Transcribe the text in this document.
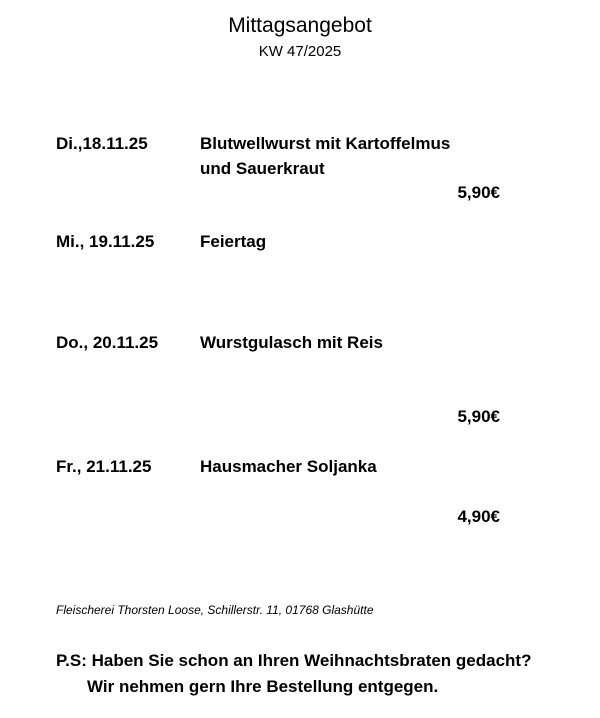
Mittagsangebot
KW 47/2025
Di.,18.11.25	Blutwellwurst mit Kartoffelmus
und Sauerkraut
5,90€
Mi., 19.11.25	Feiertag
Do., 20.11.25 Wurstgulasch mit Reis
5,90€
Fr., 21.11.25	Hausmacher Soljanka
4,90€
Fleischerei Thorsten Loose, Schillerstr. 11, 01768 Glashütte
P.S: Haben Sie schon an Ihren Weihnachtsbraten gedacht?
Wir nehmen gern Ihre Bestellung entgegen.
